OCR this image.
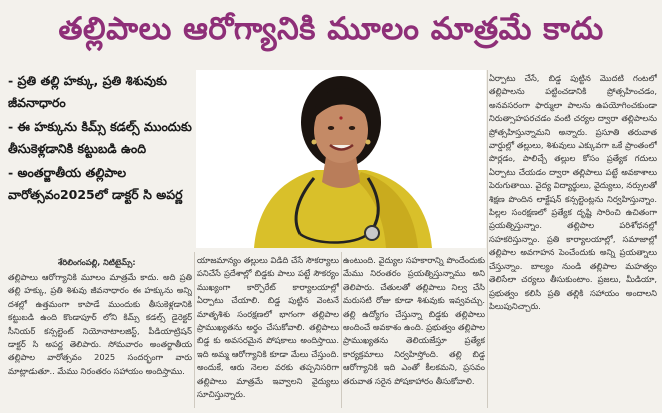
తల్లిపాలు ఆరోగ్యానికి మూలం మాత్రమే కాదు
- ప్రతి తల్లి హక్కు, ప్రతి శిశువుకు జీవనాధారం
- ఈ హక్కును కిమ్స్ కడల్స్ ముందుకు తీసుకెళ్లడానికి కట్టుబడి ఉంది
- అంతర్జాతీయ తల్లిపాల వారోత్సవం2025లో డాక్టర్ సి అపర్ణ
శేరిలింగంపల్లి, నిటిటైమ్స్:
తల్లిపాలు ఆరోగ్యానికి మూలం మాత్రమే కాదు. అది ప్రతి తల్లి హక్కు, ప్రతి శిశువు జీవనాధారం ఈ హక్కును అన్ని దశల్లో ఉత్తమంగా కాపాడే ముందుకు తీసుకెళ్లడానికి కట్టుబడి ఉంది కొండాపూర్ లోని కిమ్స్ కడల్స్ డైరెక్టర్ సీనియర్ కన్సల్టెంట్ నియోనాటాలజిస్ట్, పీడియాట్రిషన్ డాక్టర్ సి అపర్ణ తెలిపారు. సోమవారం అంతర్జాతీయ తల్లిపాల వారోత్సవం 2025 సందర్భంగా వారు మాట్లాడుతూ.. మేము నిరంతరం సహాయం అందిస్తాము.
యాజమాన్యం తల్లులు విడిది చేసే సౌకర్యాలు పనిచేసే ప్రదేశాల్లో బిడ్డకు పాలు పట్టే సౌకర్యం ముఖ్యంగా కార్పొరేట్ కార్యాలయాల్లో ఏర్పాటు చేయాలి. బిడ్డ పుట్టిన వెంటనే మాతృశిశు సంరక్షణలో భాగంగా తల్లిపాల ప్రాముఖ్యతను అర్థం చేసుకోవాలి. తల్లిపాలు బిడ్డ కు అవసరమైన పోషకాలు అందిస్తాయి. ఇది అమ్మ ఆరోగ్యానికి కూడా మేలు చేస్తుంది. అందుకే, ఆరు నెలల వరకు తప్పనిసరిగా తల్లిపాలు మాత్రమే ఇవ్వాలని వైద్యులు సూచిస్తున్నారు.
ఉంటుంది. వైద్యుల సహకారాన్ని పొందేందుకు మేము నిరంతరం ప్రయత్నిస్తున్నాము అని తెలిపారు. చేతులతో తల్లిపాలు నిల్వ చేసి మరుసటి రోజు కూడా శిశువుకు ఇవ్వవచ్చు. తల్లి ఉద్యోగం చేస్తున్నా బిడ్డకు తల్లిపాలు అందించే అవకాశం ఉంది. ప్రభుత్వం తల్లిపాల ప్రాముఖ్యతను తెలియజేస్తూ ప్రత్యేక కార్యక్రమాలు నిర్వహిస్తోంది. తల్లి బిడ్డ ఆరోగ్యానికి ఇది ఎంతో కీలకమని, ప్రసవం తరువాత సరైన పోషకాహారం తీసుకోవాలి.
ఏర్పాటు చేసే, బిడ్డ పుట్టిన మొదటి గంటలో తల్లిపాలను పట్టించడానికి ప్రోత్సహించడం, అనవసరంగా ఫార్ములా పాలను ఉపయోగించకుండా నిరుత్సాహపరచడం వంటి చర్యల ద్వారా తల్లిపాలను ప్రోత్సహిస్తున్నామని అన్నారు. ప్రసూతి తరువాత వార్డుల్లో తల్లులు, శిశువులు ఎక్కువగా ఒకే ప్రాంతంలో పొర్లడం, పాలిచ్చే తల్లుల కోసం ప్రత్యేక గదులు ఏర్పాటు చేయడం ద్వారా తల్లిపాలు పట్టే అవకాశాలు పెరుగుతాయి. వైద్య విద్యార్థులు, వైద్యులు, నర్సులతో శిక్షణ పొందిన లాక్టేషన్ కన్సల్టెంట్లను నిర్వహిస్తున్నాం. పిల్లల సంరక్షణలో ప్రత్యేక దృష్టి సారించి ఉచితంగా ప్రయత్నిస్తున్నాం. తల్లిపాల పరిశోధనల్లో సహకరిస్తున్నాం. ప్రతి కార్యాలయాల్లో, సమాజాల్లో తల్లిపాల అవగాహన పెంచేందుకు అన్ని ప్రయత్నాలు చేస్తున్నాం. బాల్యం నుండి తల్లిపాల మహత్వం తెలిసేలా చర్యలు తీసుకుంటాం. ప్రజలు, మీడియా, ప్రభుత్వం కలిసి ప్రతి తల్లికి సహాయం అందాలని పిలుపునిచ్చారు.
